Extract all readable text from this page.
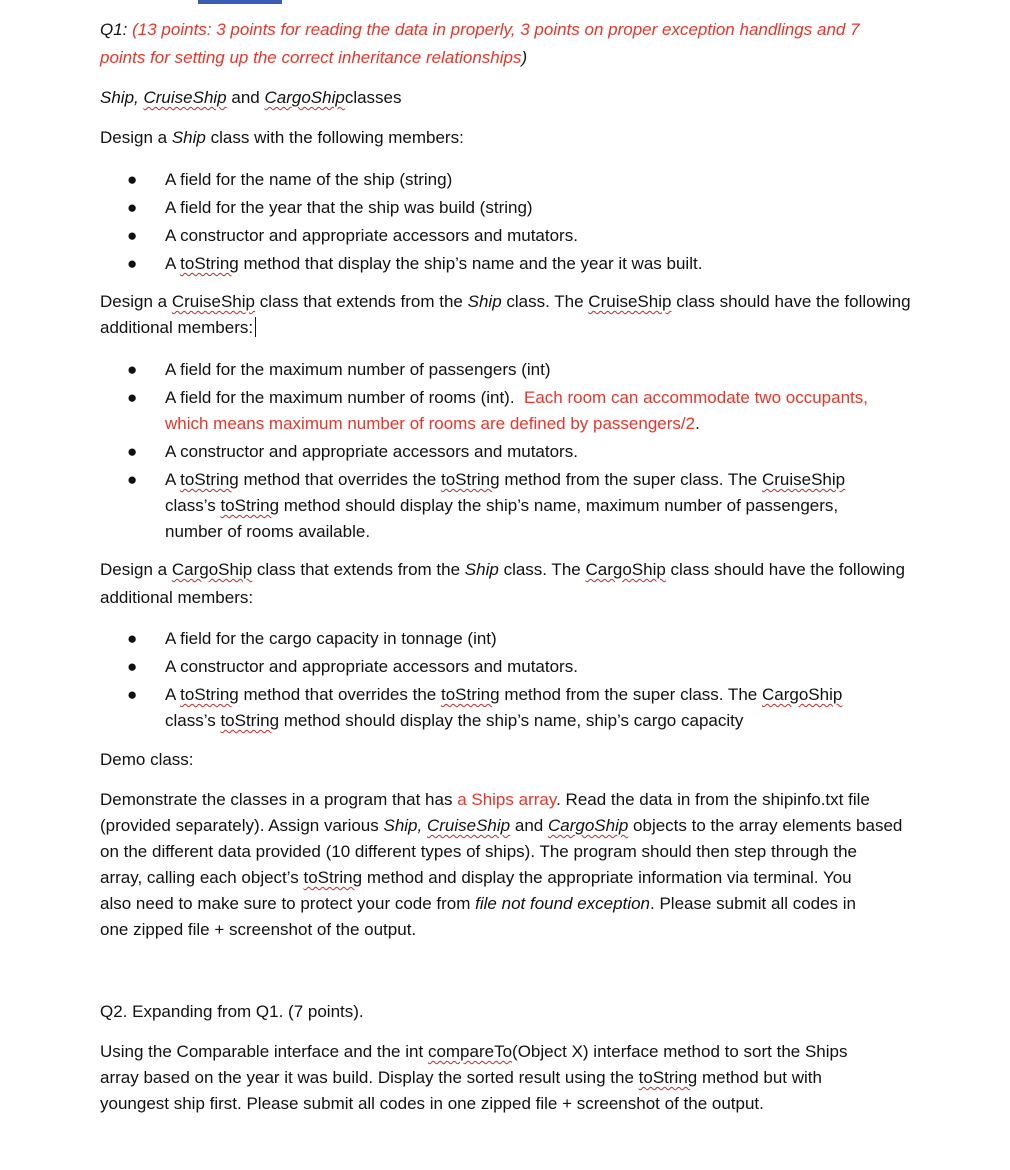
Q1: (13 points: 3 points for reading the data in properly, 3 points on proper exception handlings and 7

points for setting up the correct inheritance relationships)

Ship, CruiseShip and CargoShipclasses

Design a Ship class with the following members:

● A field for the name of the ship (string)
● A field for the year that the ship was build (string)
● A constructor and appropriate accessors and mutators.
● A toString method that display the ship’s name and the year it was built.

Design a CruiseShip class that extends from the Ship class. The CruiseShip class should have the following

additional members:

● A field for the maximum number of passengers (int)
● A field for the maximum number of rooms (int). Each room can accommodate two occupants,
which means maximum number of rooms are defined by passengers/2.
● A constructor and appropriate accessors and mutators.
● A toString method that overrides the toString method from the super class. The CruiseShip
class’s toString method should display the ship’s name, maximum number of passengers,
number of rooms available.

Design a CargoShip class that extends from the Ship class. The CargoShip class should have the following

additional members:

● A field for the cargo capacity in tonnage (int)
● A constructor and appropriate accessors and mutators.
● A toString method that overrides the toString method from the super class. The CargoShip
class’s toString method should display the ship’s name, ship’s cargo capacity

Demo class:

Demonstrate the classes in a program that has a Ships array. Read the data in from the shipinfo.txt file
(provided separately). Assign various Ship, CruiseShip and CargoShip objects to the array elements based
on the different data provided (10 different types of ships). The program should then step through the
array, calling each object’s toString method and display the appropriate information via terminal. You
also need to make sure to protect your code from file not found exception. Please submit all codes in
one zipped file + screenshot of the output.

Q2. Expanding from Q1. (7 points).

Using the Comparable interface and the int compareTo(Object X) interface method to sort the Ships
array based on the year it was build. Display the sorted result using the toString method but with
youngest ship first. Please submit all codes in one zipped file + screenshot of the output.
